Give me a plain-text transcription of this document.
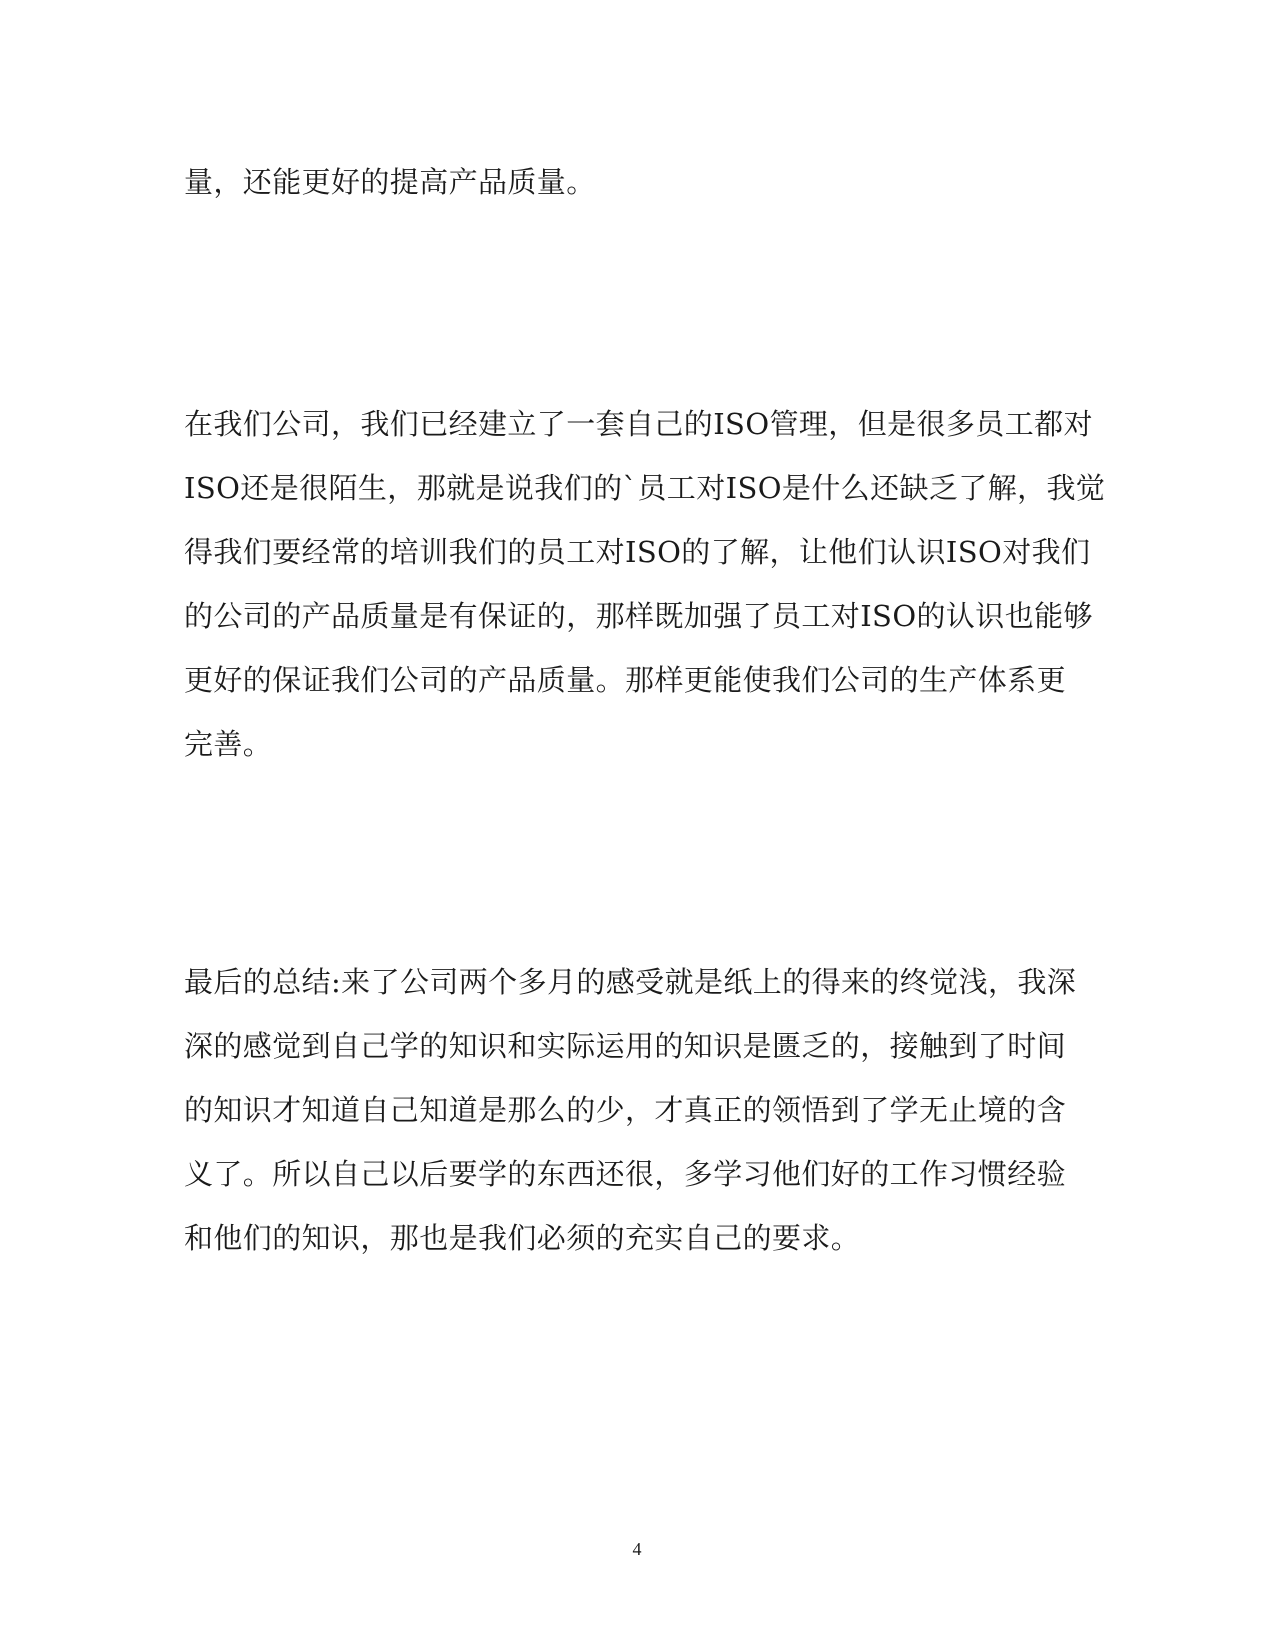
量，还能更好的提高产品质量。
在我们公司，我们已经建立了一套自己的ISO管理，但是很多员工都对
ISO还是很陌生，那就是说我们的`员工对ISO是什么还缺乏了解，我觉
得我们要经常的培训我们的员工对ISO的了解，让他们认识ISO对我们
的公司的产品质量是有保证的，那样既加强了员工对ISO的认识也能够
更好的保证我们公司的产品质量。那样更能使我们公司的生产体系更
完善。
最后的总结:来了公司两个多月的感受就是纸上的得来的终觉浅，我深
深的感觉到自己学的知识和实际运用的知识是匮乏的，接触到了时间
的知识才知道自己知道是那么的少，才真正的领悟到了学无止境的含
义了。所以自己以后要学的东西还很，多学习他们好的工作习惯经验
和他们的知识，那也是我们必须的充实自己的要求。
4
